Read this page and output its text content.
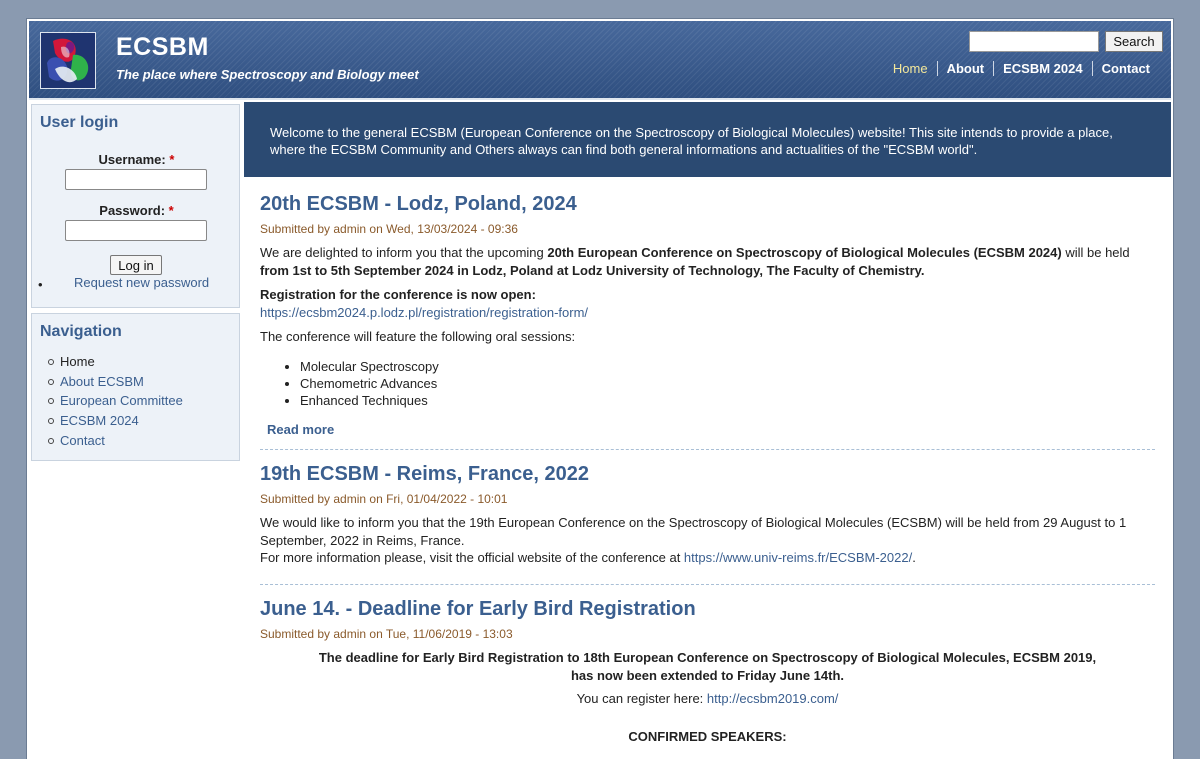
ECSBM
The place where Spectroscopy and Biology meet
Search
Home	About	ECSBM 2024	Contact
User login
Username: *
Password: *
Log in
• Request new password
Navigation
Home
About ECSBM
European Committee
ECSBM 2024
Contact
Welcome to the general ECSBM (European Conference on the Spectroscopy of Biological Molecules) website! This site intends to provide a place, where the ECSBM Community and Others always can find both general informations and actualities of the "ECSBM world".
20th ECSBM - Lodz, Poland, 2024
Submitted by admin on Wed, 13/03/2024 - 09:36

We are delighted to inform you that the upcoming 20th European Conference on Spectroscopy of Biological Molecules (ECSBM 2024) will be held from 1st to 5th September 2024 in Lodz, Poland at Lodz University of Technology, The Faculty of Chemistry.

Registration for the conference is now open:
https://ecsbm2024.p.lodz.pl/registration/registration-form/

The conference will feature the following oral sessions:

• Molecular Spectroscopy
• Chemometric Advances
• Enhanced Techniques

Read more

19th ECSBM - Reims, France, 2022
Submitted by admin on Fri, 01/04/2022 - 10:01

We would like to inform you that the 19th European Conference on the Spectroscopy of Biological Molecules (ECSBM) will be held from 29 August to 1 September, 2022 in Reims, France.

For more information please, visit the official website of the conference at https://www.univ-reims.fr/ECSBM-2022/.

June 14. - Deadline for Early Bird Registration
Submitted by admin on Tue, 11/06/2019 - 13:03

The deadline for Early Bird Registration to 18th European Conference on Spectroscopy of Biological Molecules, ECSBM 2019,
has now been extended to Friday June 14th.

You can register here: http://ecsbm2019.com/

CONFIRMED SPEAKERS:
